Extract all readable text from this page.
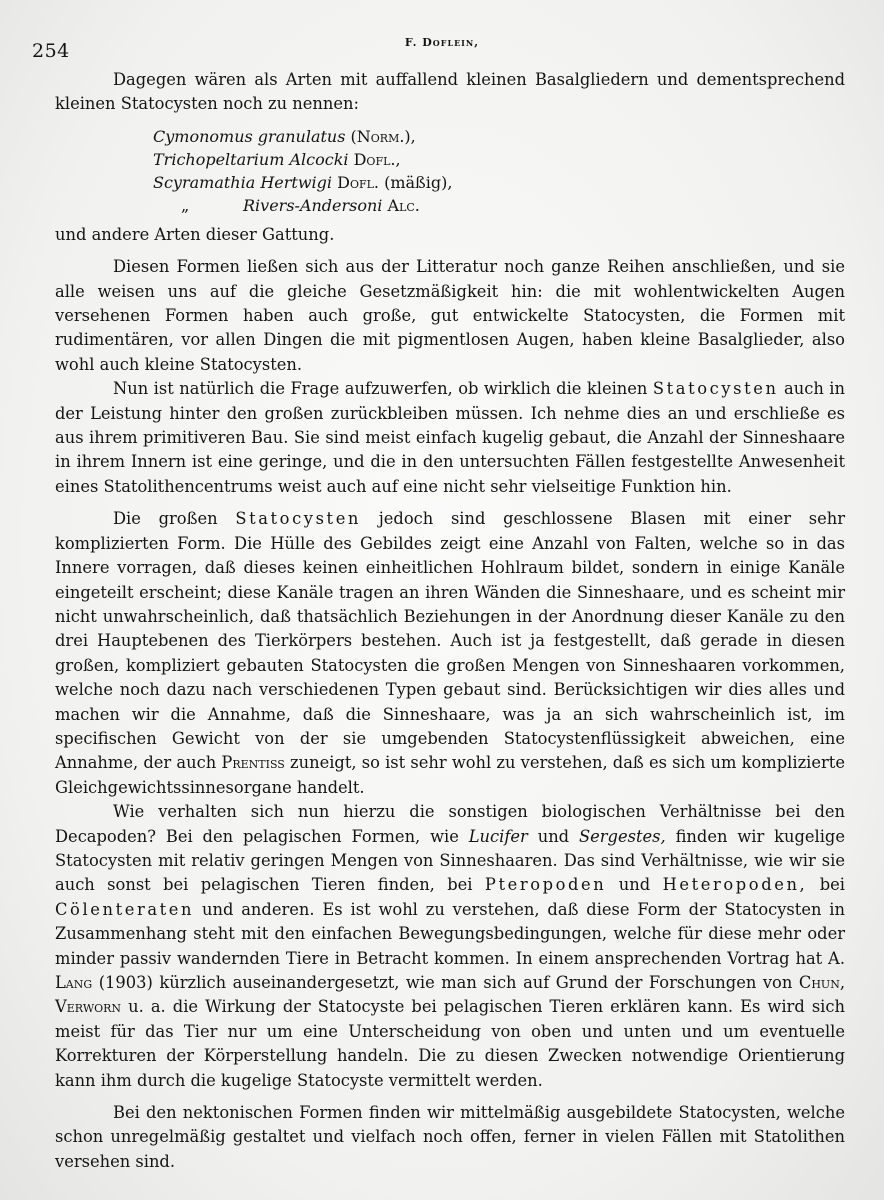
254	F. Doflein,

Dagegen wären als Arten mit auffallend kleinen Basalgliedern und dementsprechend kleinen Statocysten noch zu nennen:

Cymonomus granulatus (Norm.),
Trichopeltarium Alcocki Dofl.,
Scyramathia Hertwigi Dofl. (mäßig),
„	Rivers-Andersoni Alc.

und andere Arten dieser Gattung.

Diesen Formen ließen sich aus der Litteratur noch ganze Reihen anschließen, und sie alle weisen uns auf die gleiche Gesetzmäßigkeit hin: die mit wohlentwickelten Augen versehenen Formen haben auch große, gut entwickelte Statocysten, die Formen mit rudimentären, vor allen Dingen die mit pigmentlosen Augen, haben kleine Basalglieder, also wohl auch kleine Statocysten.

Nun ist natürlich die Frage aufzuwerfen, ob wirklich die kleinen Statocysten auch in der Leistung hinter den großen zurückbleiben müssen. Ich nehme dies an und erschließe es aus ihrem primitiveren Bau. Sie sind meist einfach kugelig gebaut, die Anzahl der Sinneshaare in ihrem Innern ist eine geringe, und die in den untersuchten Fällen festgestellte Anwesenheit eines Statolithencentrums weist auch auf eine nicht sehr vielseitige Funktion hin.

Die großen Statocysten jedoch sind geschlossene Blasen mit einer sehr komplizierten Form. Die Hülle des Gebildes zeigt eine Anzahl von Falten, welche so in das Innere vorragen, daß dieses keinen einheitlichen Hohlraum bildet, sondern in einige Kanäle eingeteilt erscheint; diese Kanäle tragen an ihren Wänden die Sinneshaare, und es scheint mir nicht unwahrscheinlich, daß thatsächlich Beziehungen in der Anordnung dieser Kanäle zu den drei Hauptebenen des Tierkörpers bestehen. Auch ist ja festgestellt, daß gerade in diesen großen, kompliziert gebauten Statocysten die großen Mengen von Sinneshaaren vorkommen, welche noch dazu nach verschiedenen Typen gebaut sind. Berücksichtigen wir dies alles und machen wir die Annahme, daß die Sinneshaare, was ja an sich wahrscheinlich ist, im specifischen Gewicht von der sie umgebenden Statocystenflüssigkeit abweichen, eine Annahme, der auch Prentiss zuneigt, so ist sehr wohl zu verstehen, daß es sich um komplizierte Gleichgewichtssinnesorgane handelt.

Wie verhalten sich nun hierzu die sonstigen biologischen Verhältnisse bei den Decapoden? Bei den pelagischen Formen, wie Lucifer und Sergestes, finden wir kugelige Statocysten mit relativ geringen Mengen von Sinneshaaren. Das sind Verhältnisse, wie wir sie auch sonst bei pelagischen Tieren finden, bei Pteropoden und Heteropoden, bei Cölenteraten und anderen. Es ist wohl zu verstehen, daß diese Form der Statocysten in Zusammenhang steht mit den einfachen Bewegungsbedingungen, welche für diese mehr oder minder passiv wandernden Tiere in Betracht kommen. In einem ansprechenden Vortrag hat A. Lang (1903) kürzlich auseinandergesetzt, wie man sich auf Grund der Forschungen von Chun, Verworn u. a. die Wirkung der Statocyste bei pelagischen Tieren erklären kann. Es wird sich meist für das Tier nur um eine Unterscheidung von oben und unten und um eventuelle Korrekturen der Körperstellung handeln. Die zu diesen Zwecken notwendige Orientierung kann ihm durch die kugelige Statocyste vermittelt werden.

Bei den nektonischen Formen finden wir mittelmäßig ausgebildete Statocysten, welche schon unregelmäßig gestaltet und vielfach noch offen, ferner in vielen Fällen mit Statolithen versehen sind.
